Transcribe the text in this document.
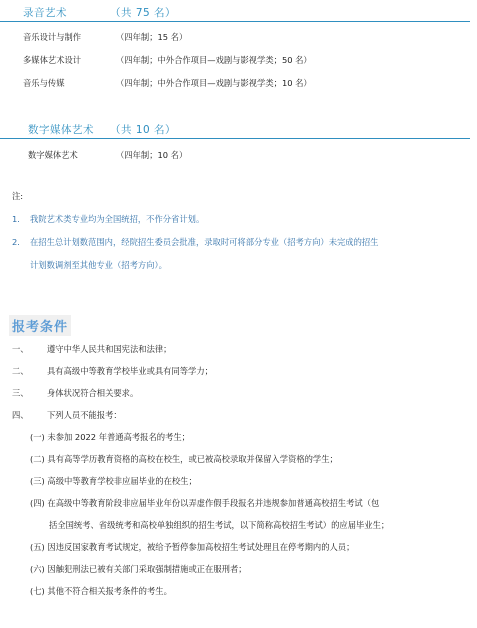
录音艺术	（共 75 名）
音乐设计与制作	（四年制；15 名）
多媒体艺术设计	（四年制；中外合作项目—戏剧与影视学类；50 名）
音乐与传媒	（四年制；中外合作项目—戏剧与影视学类；10 名）
数字媒体艺术 （共 10 名）
数字媒体艺术	（四年制；10 名）
注:
1. 我院艺术类专业均为全国统招，不作分省计划。
2. 在招生总计划数范围内，经院招生委员会批准，录取时可将部分专业（招考方向）未完成的招生
计划数调剂至其他专业（招考方向）。
报考条件
一、 遵守中华人民共和国宪法和法律；
二、 具有高级中等教育学校毕业或具有同等学力；
三、 身体状况符合相关要求。
四、 下列人员不能报考：
(一) 未参加 2022 年普通高考报名的考生；
(二) 具有高等学历教育资格的高校在校生，或已被高校录取并保留入学资格的学生；
(三) 高级中等教育学校非应届毕业的在校生；
(四) 在高级中等教育阶段非应届毕业年份以弄虚作假手段报名并违规参加普通高校招生考试（包
括全国统考、省级统考和高校单独组织的招生考试，以下简称高校招生考试）的应届毕业生；
(五) 因违反国家教育考试规定，被给予暂停参加高校招生考试处理且在停考期内的人员；
(六) 因触犯刑法已被有关部门采取强制措施或正在服刑者；
(七) 其他不符合相关报考条件的考生。
